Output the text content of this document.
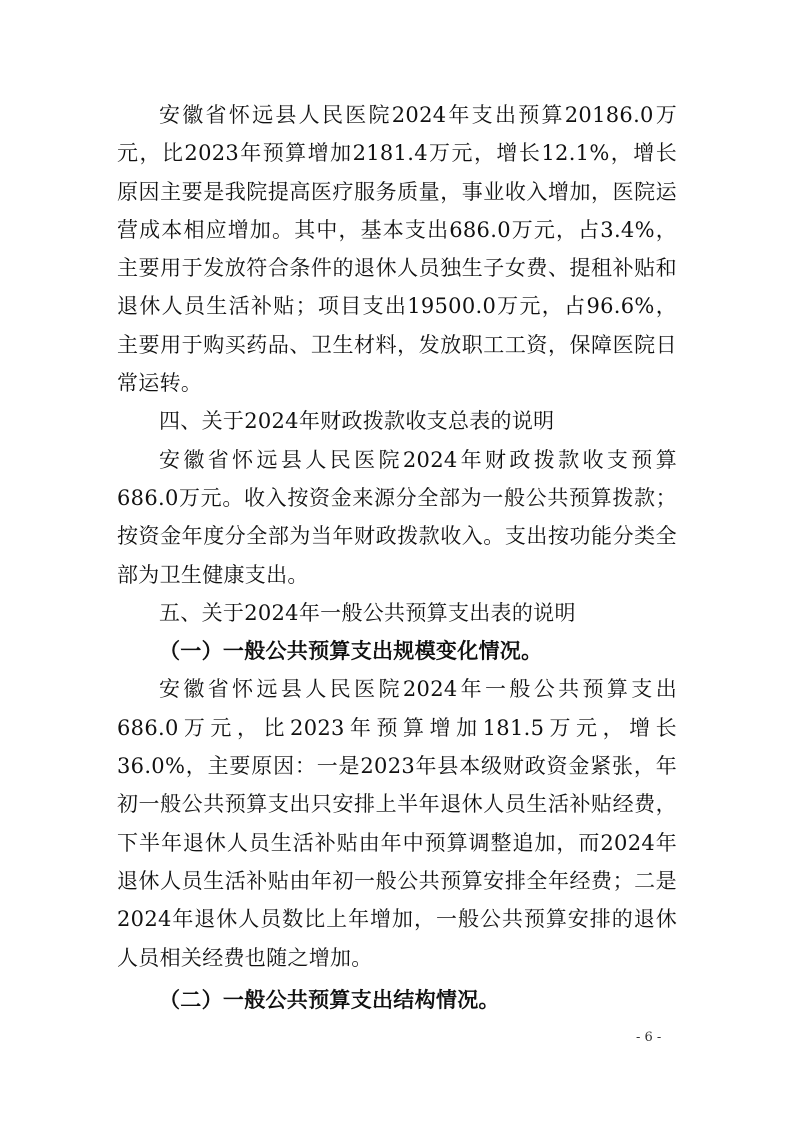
安徽省怀远县人民医院2024年支出预算20186.0万元，比2023年预算增加2181.4万元，增长12.1%，增长原因主要是我院提高医疗服务质量，事业收入增加，医院运营成本相应增加。其中，基本支出686.0万元，占3.4%，主要用于发放符合条件的退休人员独生子女费、提租补贴和退休人员生活补贴；项目支出19500.0万元，占96.6%，主要用于购买药品、卫生材料，发放职工工资，保障医院日常运转。

四、关于2024年财政拨款收支总表的说明

安徽省怀远县人民医院2024年财政拨款收支预算686.0万元。收入按资金来源分全部为一般公共预算拨款；按资金年度分全部为当年财政拨款收入。支出按功能分类全部为卫生健康支出。

五、关于2024年一般公共预算支出表的说明

（一）一般公共预算支出规模变化情况。

安徽省怀远县人民医院2024年一般公共预算支出686.0万元，比2023年预算增加181.5万元，增长36.0%，主要原因：一是2023年县本级财政资金紧张，年初一般公共预算支出只安排上半年退休人员生活补贴经费，下半年退休人员生活补贴由年中预算调整追加，而2024年退休人员生活补贴由年初一般公共预算安排全年经费；二是2024年退休人员数比上年增加，一般公共预算安排的退休人员相关经费也随之增加。

（二）一般公共预算支出结构情况。

- 6 -
